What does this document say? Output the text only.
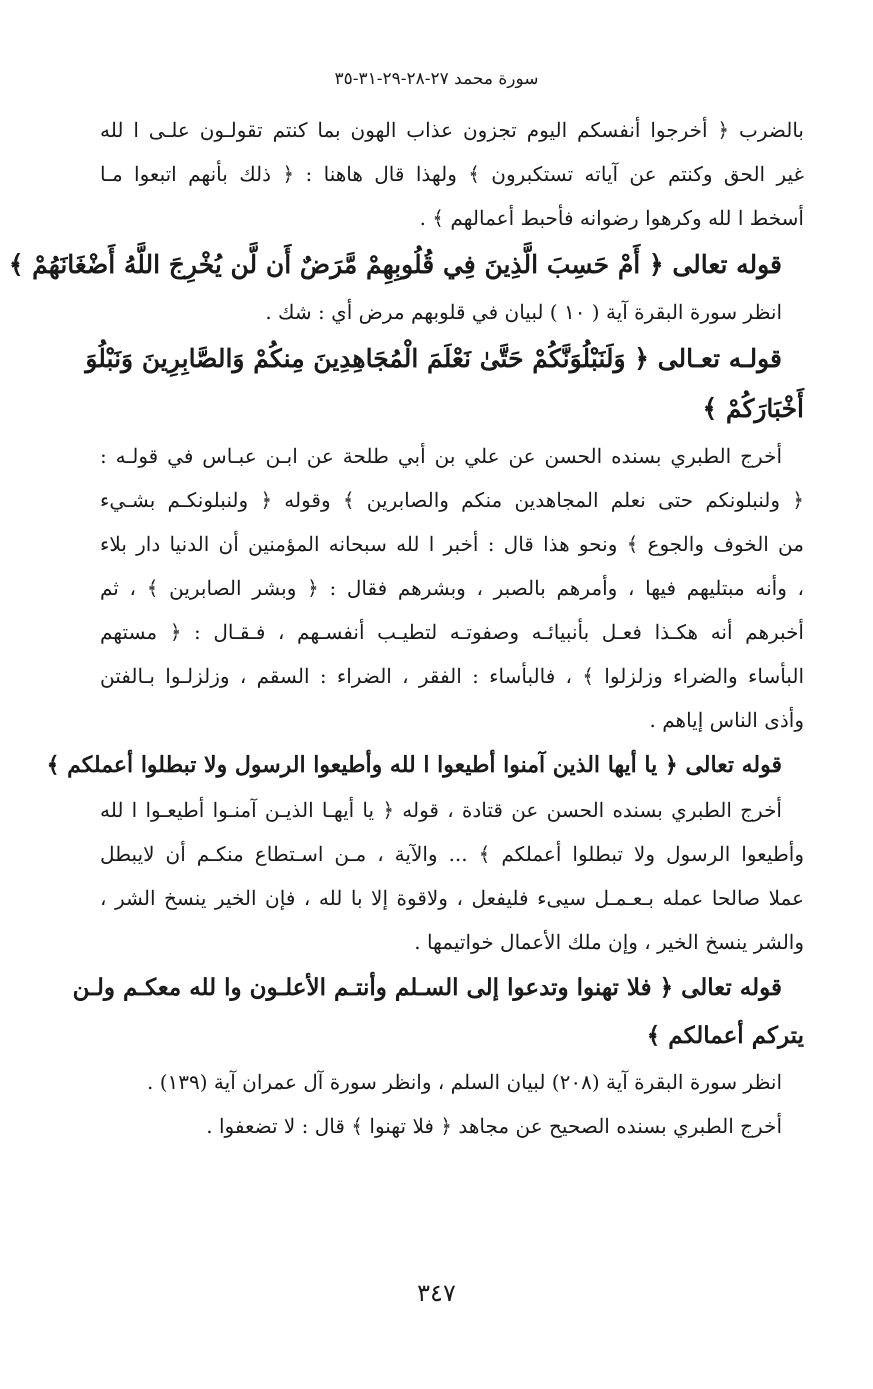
سورة محمد ٢٧-٢٨-٢٩-٣١-٣٥
بالضرب ﴿ أخرجوا أنفسكم اليوم تجزون عذاب الهون بما كنتم تقولـون علـى ا لله
غير الحق وكنتم عن آياته تستكبرون ﴾ ولهذا قال هاهنا : ﴿ ذلك بأنهم اتبعوا مـا
أسخط ا لله وكرهوا رضوانه فأحبط أعمالهم ﴾ .
قوله تعالى ﴿ أَمْ حَسِبَ الَّذِينَ فِي قُلُوبِهِمْ مَّرَضٌ أَن لَّن يُخْرِجَ اللَّهُ أَضْغَانَهُمْ ﴾
انظر سورة البقرة آية ( ١٠ ) لبيان في قلوبهم مرض أي : شك .
قولـه تعـالى ﴿ وَلَنَبْلُوَنَّكُمْ حَتَّىٰ نَعْلَمَ الْمُجَاهِدِينَ مِنكُمْ وَالصَّابِرِينَ وَنَبْلُوَ
أَخْبَارَكُمْ ﴾
أخرج الطبري بسنده الحسن عن علي بن أبي طلحة عن ابـن عبـاس في قولـه :
﴿ ولنبلونكم حتى نعلم المجاهدين منكم والصابرين ﴾ وقوله ﴿ ولنبلونكـم بشـيء
من الخوف والجوع ﴾ ونحو هذا قال : أخبر ا لله سبحانه المؤمنين أن الدنيا دار بلاء
، وأنه مبتليهم فيها ، وأمرهم بالصبر ، وبشرهم فقال : ﴿ وبشر الصابرين ﴾ ، ثم
أخبرهم أنه هكـذا فعـل بأنبيائـه وصفوتـه لتطيـب أنفسـهم ، فـقـال : ﴿ مستهم
البأساء والضراء وزلزلوا ﴾ ، فالبأساء : الفقر ، الضراء : السقم ، وزلزلـوا بـالفتن
وأذى الناس إياهم .
قوله تعالى ﴿ يا أيها الذين آمنوا أطيعوا ا لله وأطيعوا الرسول ولا تبطلوا أعملكم ﴾
أخرج الطبري بسنده الحسن عن قتادة ، قوله ﴿ يا أيهـا الذيـن آمنـوا أطيعـوا ا لله
وأطيعوا الرسول ولا تبطلوا أعملكم ﴾ ... والآية ، مـن اسـتطاع منكـم أن لايبطل
عملا صالحا عمله بـعـمـل سيىء فليفعل ، ولاقوة إلا با لله ، فإن الخير ينسخ الشر ،
والشر ينسخ الخير ، وإن ملك الأعمال خواتيمها .
قوله تعالى ﴿ فلا تهنوا وتدعوا إلى السـلم وأنتـم الأعلـون وا لله معكـم ولـن
يتركم أعمالكم ﴾
انظر سورة البقرة آية (٢٠٨) لبيان السلم ، وانظر سورة آل عمران آية (١٣٩) .
أخرج الطبري بسنده الصحيح عن مجاهد ﴿ فلا تهنوا ﴾ قال : لا تضعفوا .
٣٤٧
